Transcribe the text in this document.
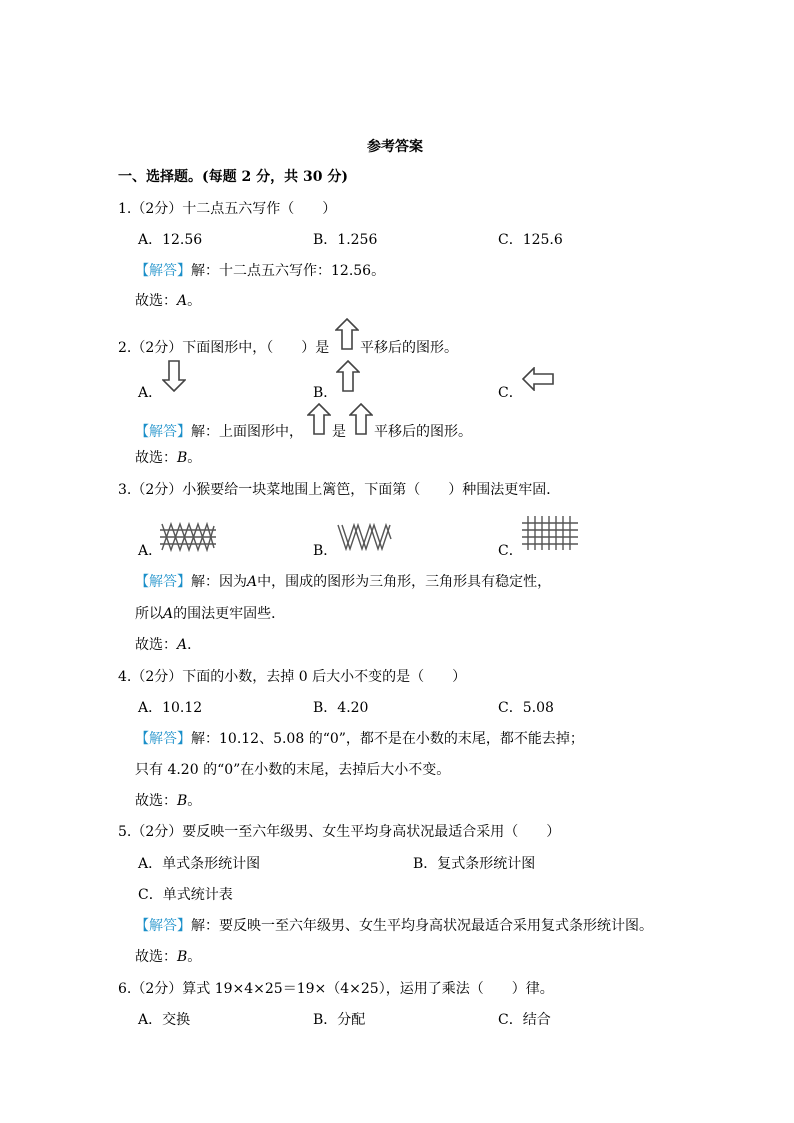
参考答案
一、选择题。(每题 2 分，共 30 分)
1.（2分）十二点五六写作（　　）
A．12.56	B．1.256	C．125.6
【解答】解：十二点五六写作：12.56。
故选：A。
2.（2分）下面图形中，（　　）是 平移后的图形。
A．	B．	C．
【解答】解：上面图形中， 是 平移后的图形。
故选：B。
3.（2分）小猴要给一块菜地围上篱笆，下面第（　　）种围法更牢固．
A．	B．	C．
【解答】解：因为A中，围成的图形为三角形，三角形具有稳定性，
所以A的围法更牢固些．
故选：A．
4.（2分）下面的小数，去掉 0 后大小不变的是（　　）
A．10.12	B．4.20	C．5.08
【解答】解：10.12、5.08 的“0”，都不是在小数的末尾，都不能去掉；
只有 4.20 的“0”在小数的末尾，去掉后大小不变。
故选：B。
5.（2分）要反映一至六年级男、女生平均身高状况最适合采用（　　）
A．单式条形统计图	B．复式条形统计图
C．单式统计表
【解答】解：要反映一至六年级男、女生平均身高状况最适合采用复式条形统计图。
故选：B。
6.（2分）算式 19×4×25＝19×（4×25），运用了乘法（　　）律。
A．交换	B．分配	C．结合
